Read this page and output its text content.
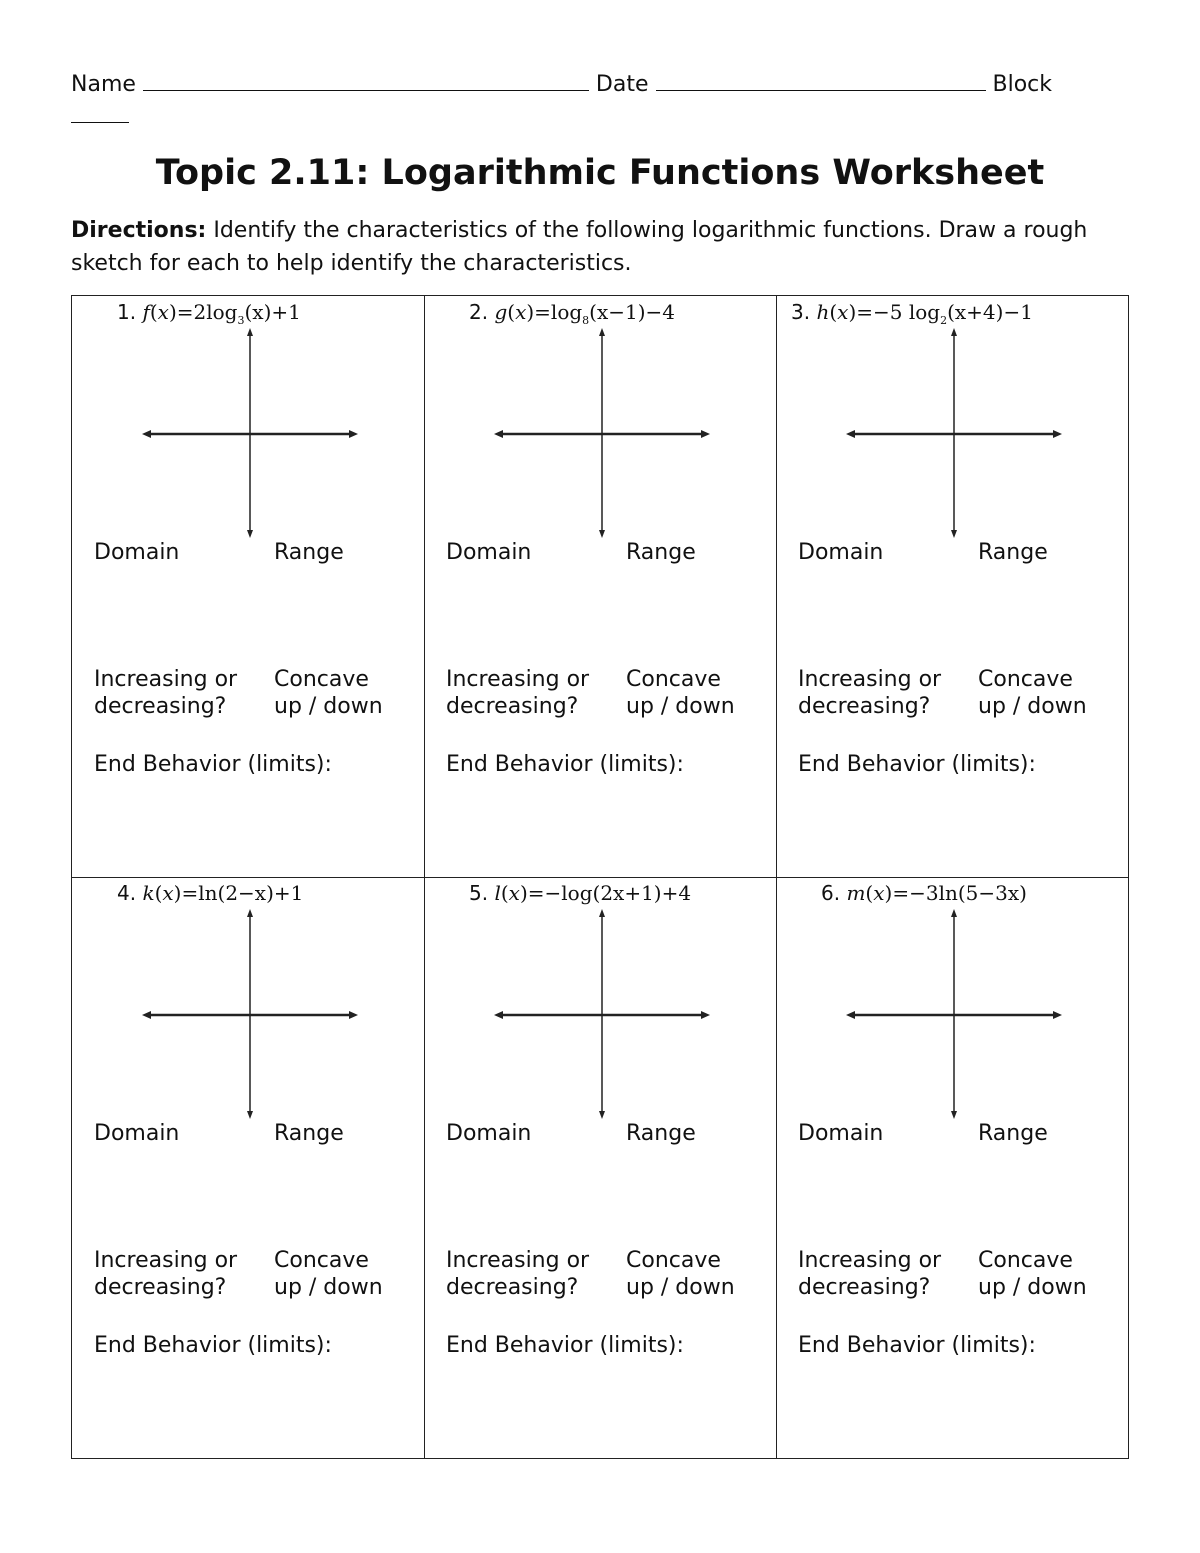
Name	Date	Block
Topic 2.11: Logarithmic Functions Worksheet
Directions: Identify the characteristics of the following logarithmic functions. Draw a rough sketch for each to help identify the characteristics.
1. $f(x)=2\log_3(x)+1$
Domain	Range
Increasing or
decreasing?
Concave
up / down
End Behavior (limits):
2. $g(x)=\log_8(x-1)-4$
Domain	Range
Increasing or
decreasing?
Concave
up / down
End Behavior (limits):
3. h(x)=−5 $\log_2(x+4)-1$
Domain	Range
Increasing or
decreasing?
Concave
up / down
End Behavior (limits):
4. k(x)=ln(2−x)+1
Domain	Range
Increasing or
decreasing?
Concave
up / down
End Behavior (limits):
5. l(x)=−log(2x+1)+4
Domain	Range
Increasing or
decreasing?
Concave
up / down
End Behavior (limits):
6. m(x)=−3ln(5−3x)
Domain	Range
Increasing or
decreasing?
Concave
up / down
End Behavior (limits):
